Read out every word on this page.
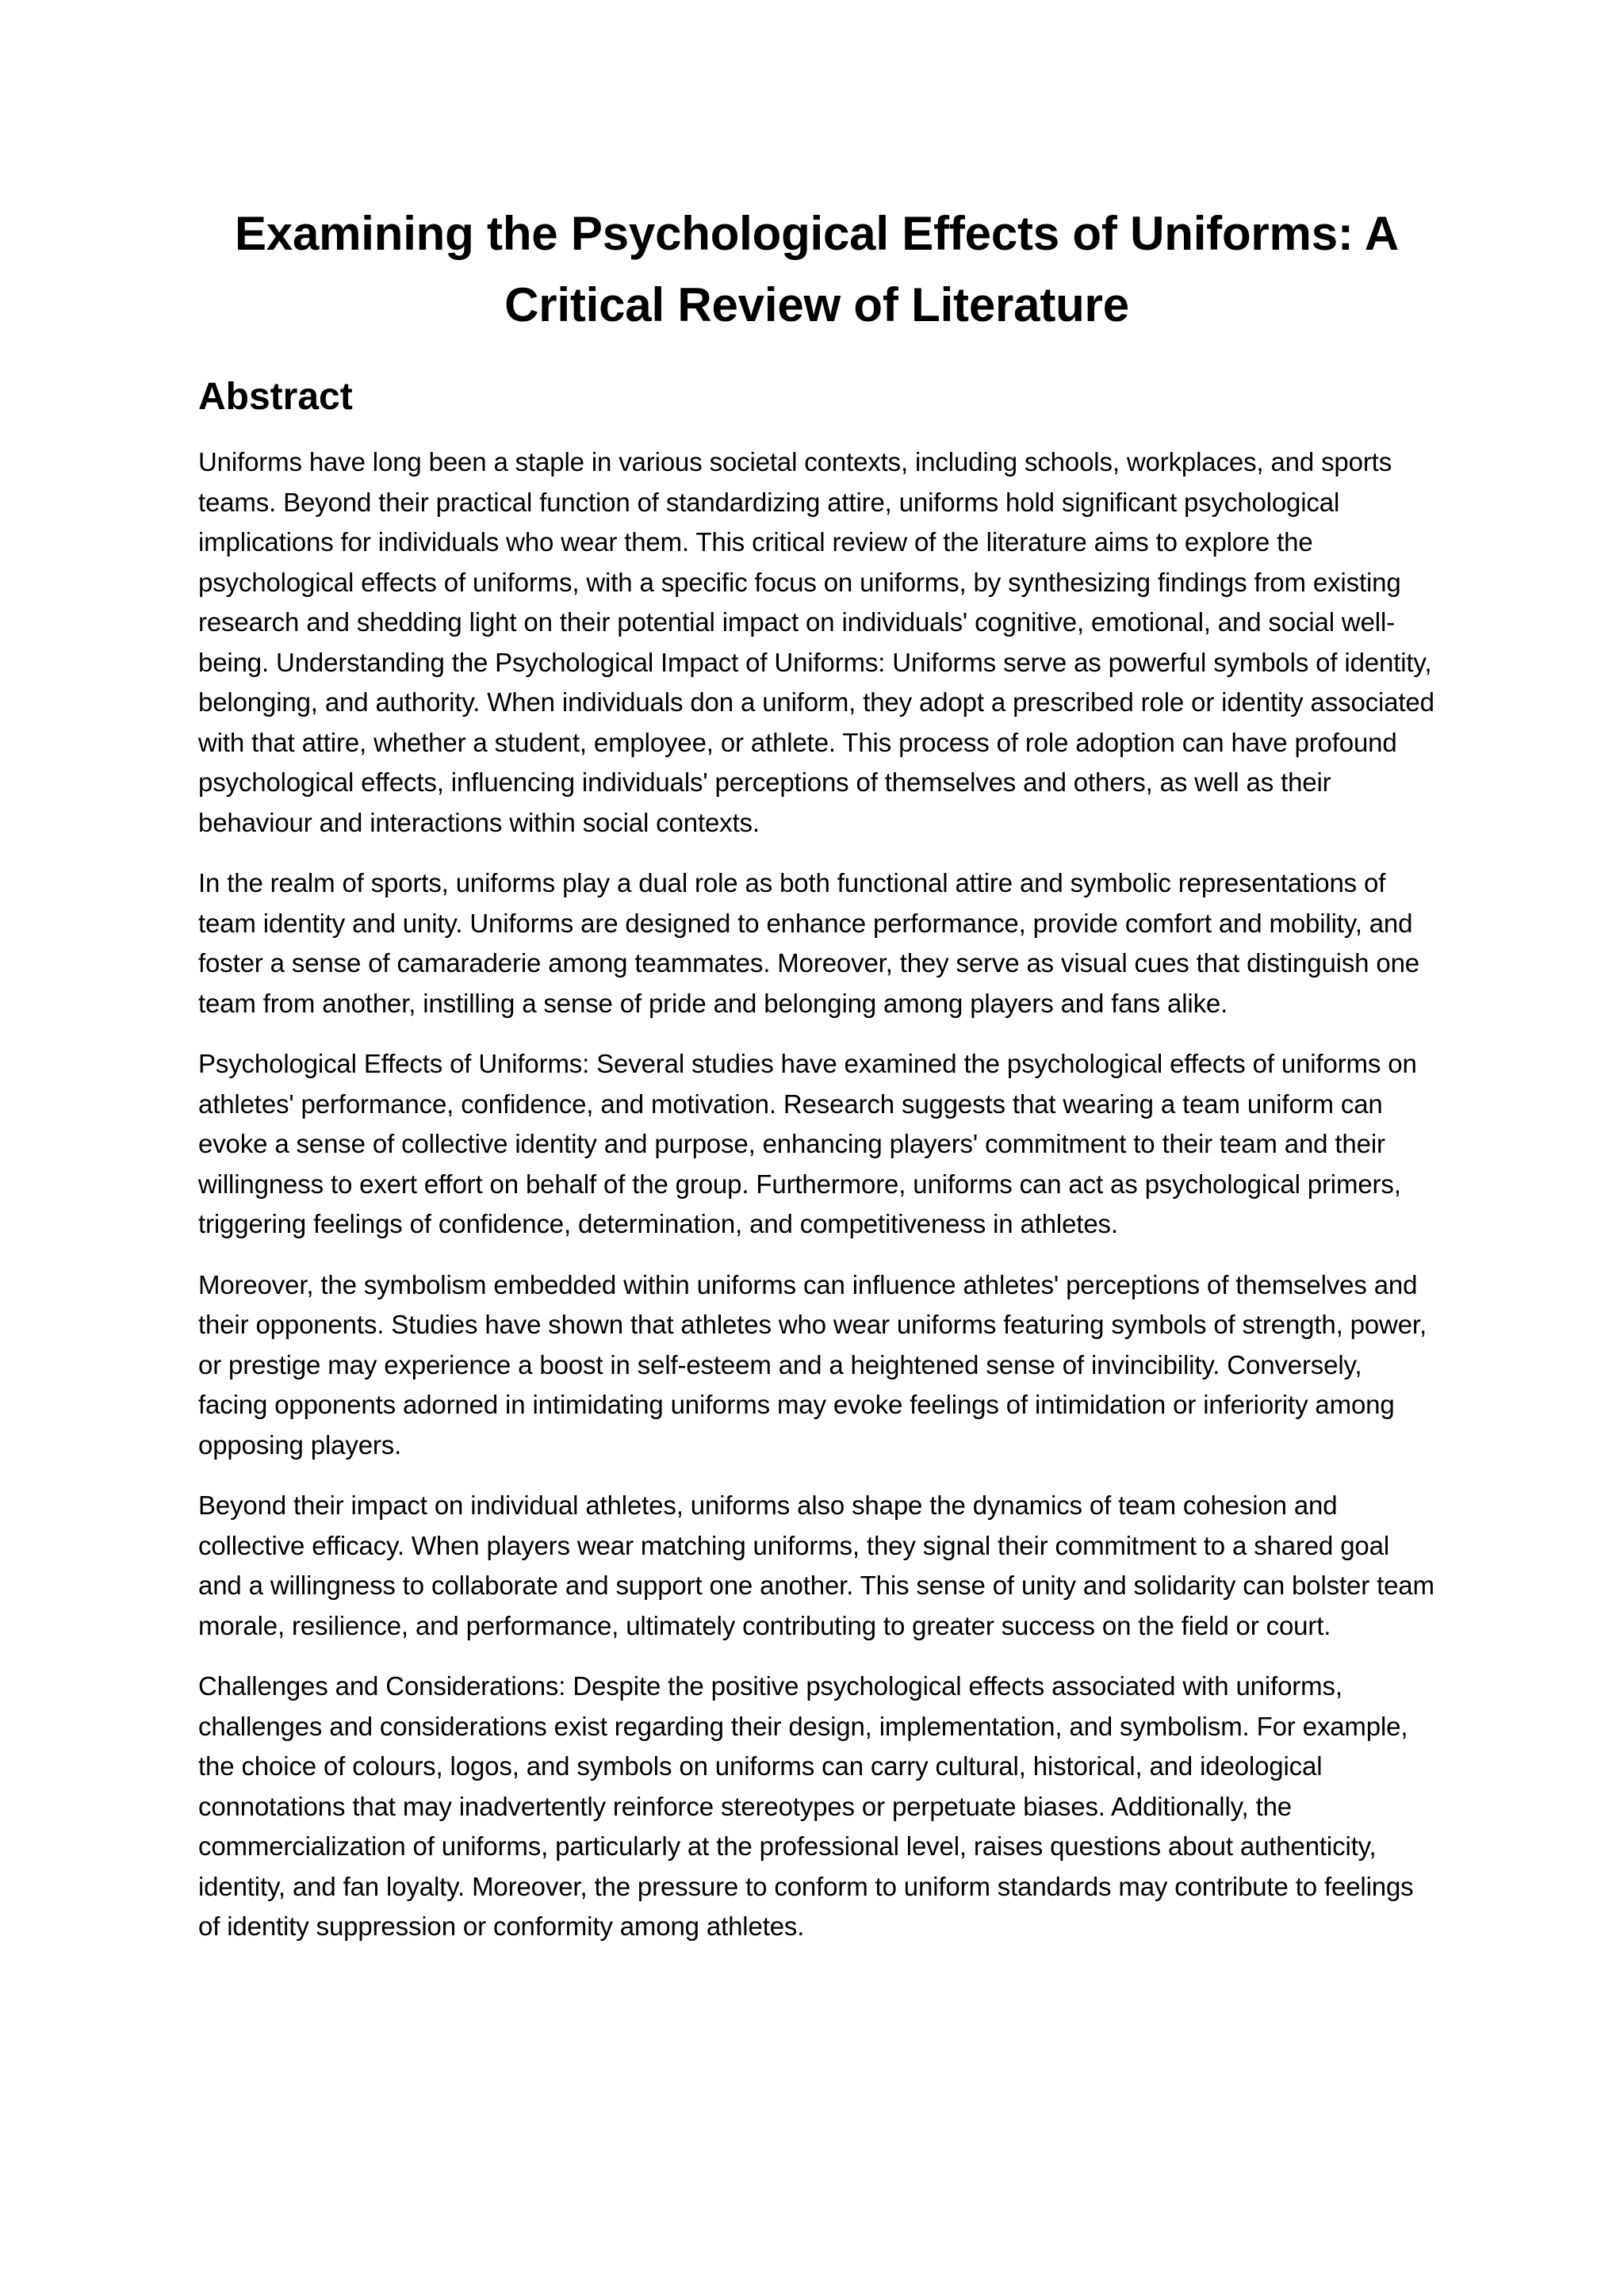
Examining the Psychological Effects of Uniforms: A Critical Review of Literature
Abstract

Uniforms have long been a staple in various societal contexts, including schools, workplaces, and sports teams. Beyond their practical function of standardizing attire, uniforms hold significant psychological implications for individuals who wear them. This critical review of the literature aims to explore the psychological effects of uniforms, with a specific focus on uniforms, by synthesizing findings from existing research and shedding light on their potential impact on individuals' cognitive, emotional, and social well-being. Understanding the Psychological Impact of Uniforms: Uniforms serve as powerful symbols of identity, belonging, and authority. When individuals don a uniform, they adopt a prescribed role or identity associated with that attire, whether a student, employee, or athlete. This process of role adoption can have profound psychological effects, influencing individuals' perceptions of themselves and others, as well as their behaviour and interactions within social contexts.

In the realm of sports, uniforms play a dual role as both functional attire and symbolic representations of team identity and unity. Uniforms are designed to enhance performance, provide comfort and mobility, and foster a sense of camaraderie among teammates. Moreover, they serve as visual cues that distinguish one team from another, instilling a sense of pride and belonging among players and fans alike.

Psychological Effects of Uniforms: Several studies have examined the psychological effects of uniforms on athletes' performance, confidence, and motivation. Research suggests that wearing a team uniform can evoke a sense of collective identity and purpose, enhancing players' commitment to their team and their willingness to exert effort on behalf of the group. Furthermore, uniforms can act as psychological primers, triggering feelings of confidence, determination, and competitiveness in athletes.

Moreover, the symbolism embedded within uniforms can influence athletes' perceptions of themselves and their opponents. Studies have shown that athletes who wear uniforms featuring symbols of strength, power, or prestige may experience a boost in self-esteem and a heightened sense of invincibility. Conversely, facing opponents adorned in intimidating uniforms may evoke feelings of intimidation or inferiority among opposing players.

Beyond their impact on individual athletes, uniforms also shape the dynamics of team cohesion and collective efficacy. When players wear matching uniforms, they signal their commitment to a shared goal and a willingness to collaborate and support one another. This sense of unity and solidarity can bolster team morale, resilience, and performance, ultimately contributing to greater success on the field or court.

Challenges and Considerations: Despite the positive psychological effects associated with uniforms, challenges and considerations exist regarding their design, implementation, and symbolism. For example, the choice of colours, logos, and symbols on uniforms can carry cultural, historical, and ideological connotations that may inadvertently reinforce stereotypes or perpetuate biases. Additionally, the commercialization of uniforms, particularly at the professional level, raises questions about authenticity, identity, and fan loyalty. Moreover, the pressure to conform to uniform standards may contribute to feelings of identity suppression or conformity among athletes.
